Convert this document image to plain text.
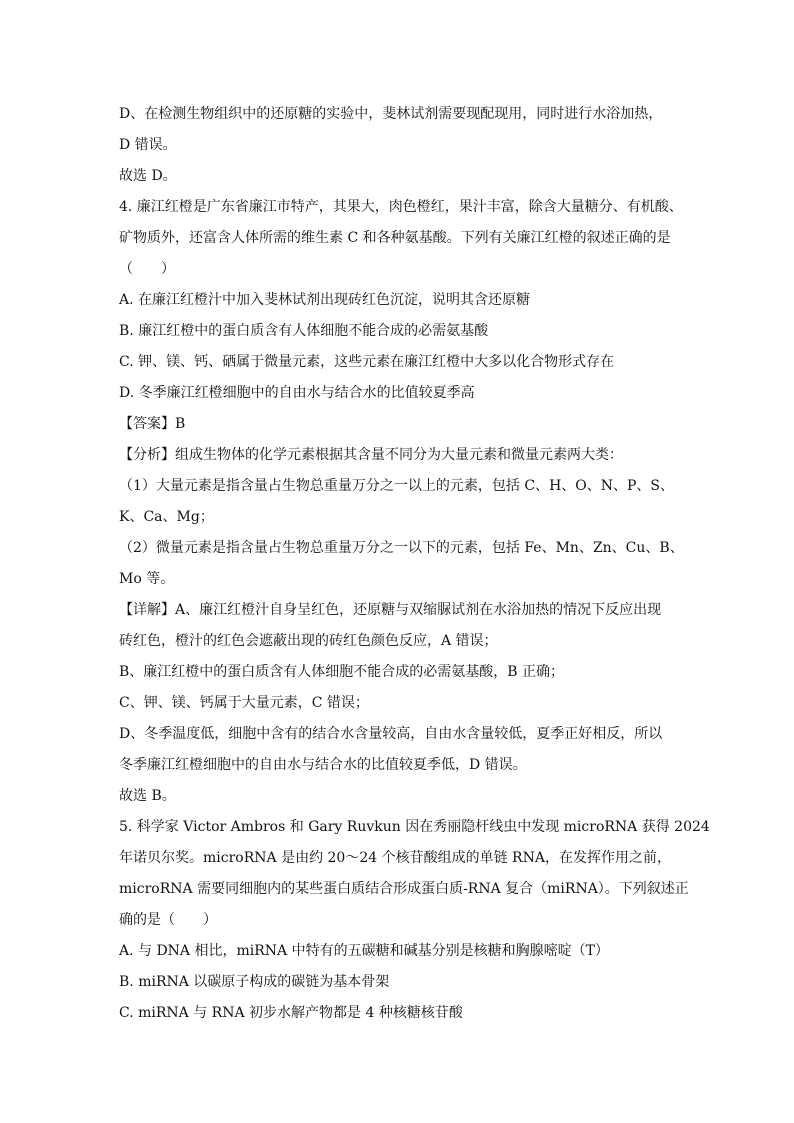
D、在检测生物组织中的还原糖的实验中，斐林试剂需要现配现用，同时进行水浴加热，
D 错误。
故选 D。
4. 廉江红橙是广东省廉江市特产，其果大，肉色橙红，果汁丰富，除含大量糖分、有机酸、
矿物质外，还富含人体所需的维生素 C 和各种氨基酸。下列有关廉江红橙的叙述正确的是
（　　）
A. 在廉江红橙汁中加入斐林试剂出现砖红色沉淀，说明其含还原糖
B. 廉江红橙中的蛋白质含有人体细胞不能合成的必需氨基酸
C. 钾、镁、钙、硒属于微量元素，这些元素在廉江红橙中大多以化合物形式存在
D. 冬季廉江红橙细胞中的自由水与结合水的比值较夏季高
【答案】B
【分析】组成生物体的化学元素根据其含量不同分为大量元素和微量元素两大类：
（1）大量元素是指含量占生物总重量万分之一以上的元素，包括 C、H、O、N、P、S、
K、Ca、Mg；
（2）微量元素是指含量占生物总重量万分之一以下的元素，包括 Fe、Mn、Zn、Cu、B、
Mo 等。
【详解】A、廉江红橙汁自身呈红色，还原糖与双缩脲试剂在水浴加热的情况下反应出现
砖红色，橙汁的红色会遮蔽出现的砖红色颜色反应，A 错误；
B、廉江红橙中的蛋白质含有人体细胞不能合成的必需氨基酸，B 正确；
C、钾、镁、钙属于大量元素，C 错误；
D、冬季温度低，细胞中含有的结合水含量较高，自由水含量较低，夏季正好相反，所以
冬季廉江红橙细胞中的自由水与结合水的比值较夏季低，D 错误。
故选 B。
5. 科学家 Victor Ambros 和 Gary Ruvkun 因在秀丽隐杆线虫中发现 microRNA 获得 2024
年诺贝尔奖。microRNA 是由约 20～24 个核苷酸组成的单链 RNA，在发挥作用之前，
microRNA 需要同细胞内的某些蛋白质结合形成蛋白质-RNA 复合（miRNA）。下列叙述正
确的是（　　）
A. 与 DNA 相比，miRNA 中特有的五碳糖和碱基分别是核糖和胸腺嘧啶（T）
B. miRNA 以碳原子构成的碳链为基本骨架
C. miRNA 与 RNA 初步水解产物都是 4 种核糖核苷酸
